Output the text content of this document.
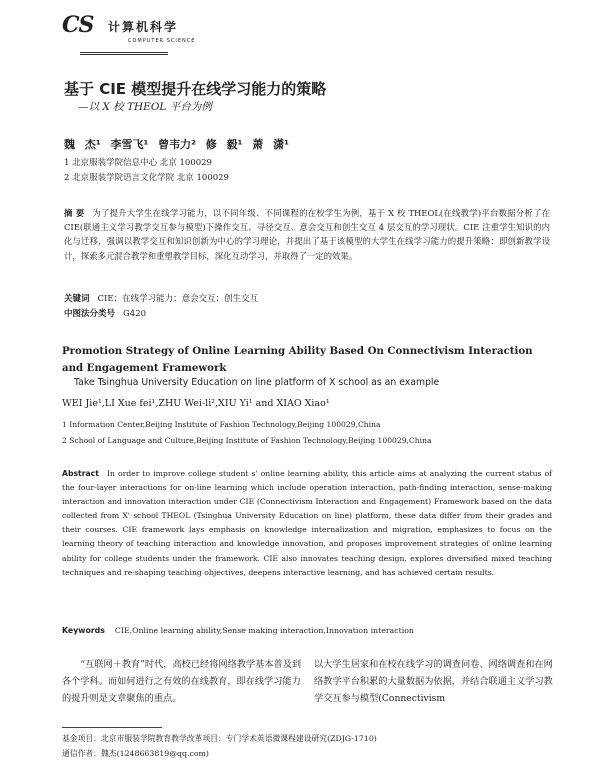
CS 计算机科学
COMPUTER SCIENCE
基于 CIE 模型提升在线学习能力的策略
—以 X 校 THEOL 平台为例
魏 杰¹ 李雪飞¹ 曾韦力² 修 毅¹ 萧 潇¹
1 北京服装学院信息中心 北京 100029
2 北京服装学院语言文化学院 北京 100029
摘 要 为了提升大学生在线学习能力，以不同年级、不同课程的在校学生为例，基于 X 校 THEOL(在线教学)平台数据分析了在 CIE(联通主义学习教学交互参与模型)下操作交互、寻径交互、意会交互和创生交互 4 层交互的学习现状。CIE 注重学生知识的内化与迁移，强调以教学交互和知识创新为中心的学习理论，并提出了基于该模型的大学生在线学习能力的提升策略：即创新教学设计，探索多元混合教学和重塑教学目标，深化互动学习，并取得了一定的效果。
关键词 CIE；在线学习能力；意会交互；创生交互
中图法分类号 G420
Promotion Strategy of Online Learning Ability Based On Connectivism Interaction and Engagement Framework
Take Tsinghua University Education on line platform of X school as an example
WEI Jie¹,LI Xue fei¹,ZHU Wei-li²,XIU Yi¹ and XIAO Xiao¹
1 Information Center,Beijing Institute of Fashion Technology,Beijing 100029,China
2 School of Language and Culture,Beijing Institute of Fashion Technology,Beijing 100029,China
Abstract In order to improve college student s' online learning ability, this article aims at analyzing the current status of the four-layer interactions for on-line learning which include operation interaction, path-finding interaction, sense-making interaction and innovation interaction under CIE (Connectivism Interaction and Engagement) Framework based on the data collected from X' school THEOL (Tsinghua University Education on line) platform, these data differ from their grades and their courses. CIE framework lays emphasis on knowledge internalization and migration, emphasizes to focus on the learning theory of teaching interaction and knowledge innovation, and proposes improvement strategies of online learning ability for college students under the framework. CIE also innovates teaching design, explores diversified mixed teaching techniques and re-shaping teaching objectives, deepens interactive learning, and has achieved certain results.
Keywords CIE,Online learning ability,Sense making interaction,Innovation interaction
“互联网＋教育”时代，高校已经将网络教学基本普及到各个学科。而如何进行之有效的在线教育，即在线学习能力的提升则是文章聚焦的重点。
以大学生居家和在校在线学习的调查问卷、网络调查和在网络教学平台积累的大量数据为依据，并结合联通主义学习教学交互参与模型(Connectivism
基金项目：北京市服装学院教育教学改革项目：专门学术英语微课程建设研究(ZDJG-1710)
通信作者：魏杰(1248663819@qq.com)
